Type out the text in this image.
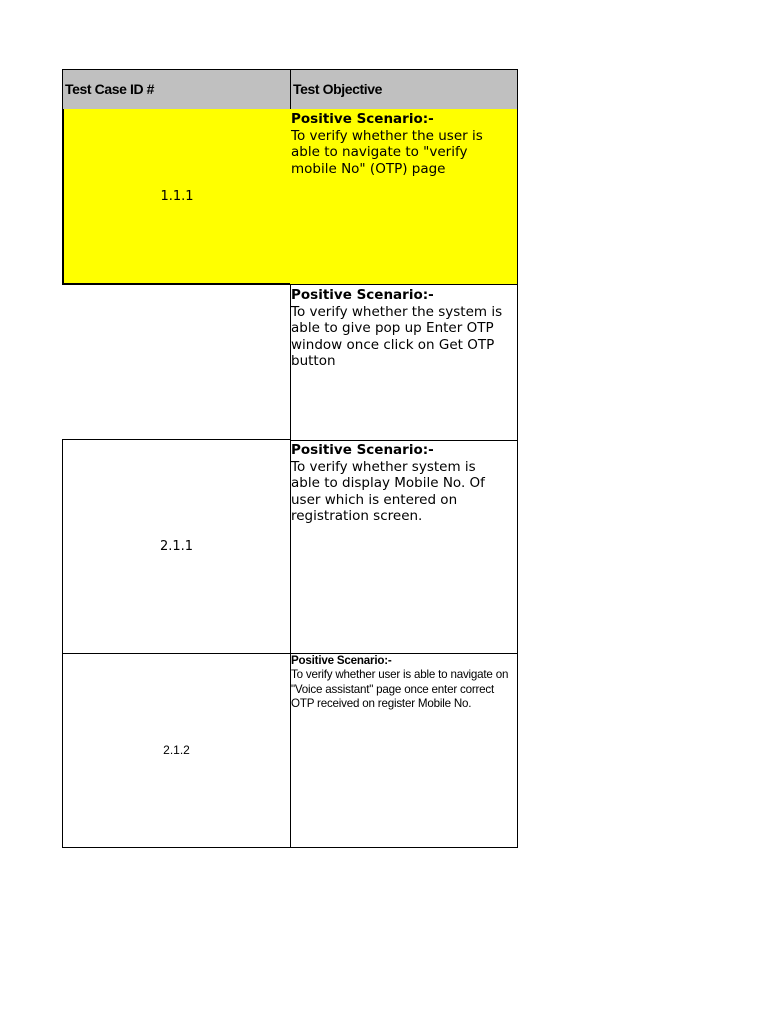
Test Case ID #	Test Objective
1.1.1
Positive Scenario:-
To verify whether the user is
able to navigate to "verify
mobile No" (OTP) page
Positive Scenario:-
To verify whether the system is
able to give pop up Enter OTP
window once click on Get OTP
button
2.1.1
Positive Scenario:-
To verify whether system is
able to display Mobile No. Of
user which is entered on
registration screen.
2.1.2
Positive Scenario:-
To verify whether user is able to navigate on "Voice assistant" page once enter correct OTP received on register Mobile No.
